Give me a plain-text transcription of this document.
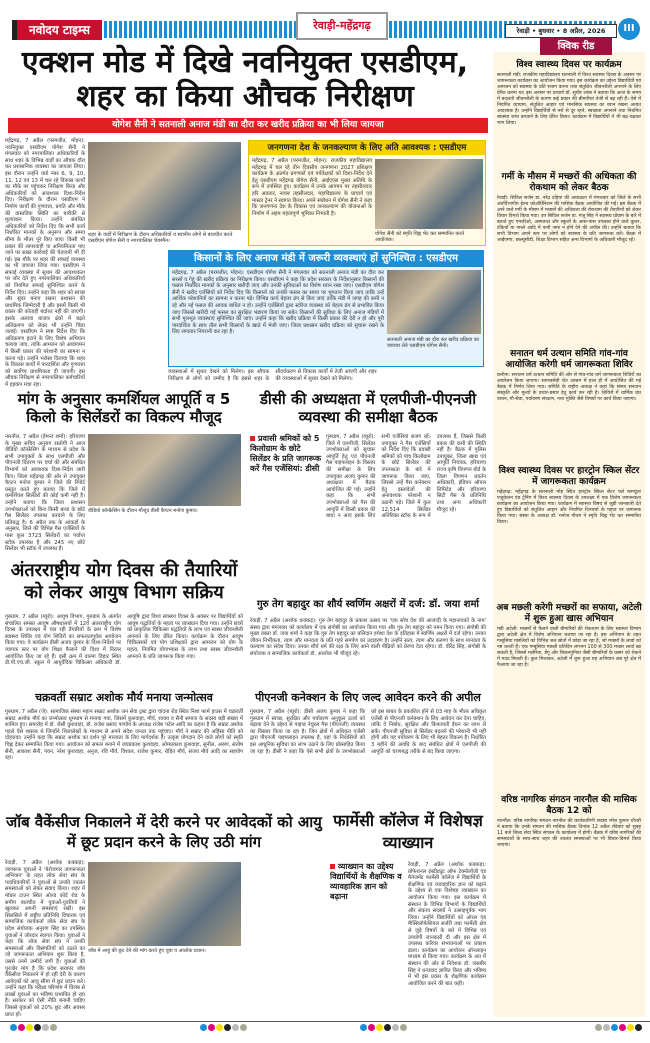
नवोदय टाइम्स	रेवाड़ी-महेंद्रगढ़	रेवाड़ी • बुधवार • 8 अप्रैल, 2026	III
एक्शन मोड में दिखे नवनियुक्त एसडीएम, शहर का किया औचक निरीक्षण
योगेश सैनी ने सतनाली अनाज मंडी का दौरा कर खरीद प्रक्रिया का भी लिया जायजा
महेंद्रगढ़, 7 अप्रैल (परमजीत, मोहन): नवनियुक्त एसडीएम योगेश सैनी ने मंगलवार को नगरपालिका अधिकारियों के साथ शहर के विभिन्न वार्डों का औचक दौरा कर प्रशासनिक व्यवस्था का जायजा लिया। इस दौरान उन्होंने वार्ड नंबर 6, 9, 10, 11, 12 एवं 13 में चल रहे विकास कार्यों का मौके पर पहुंचकर निरीक्षण किया और अधिकारियों को आवश्यक दिशा-निर्देश दिए। निरीक्षण के दौरान एसडीएम ने निर्माण कार्यों की गुणवत्ता, प्रगति और मौके की वास्तविक स्थिति का बारीकी से मूल्यांकन किया। उन्होंने संबंधित अधिकारियों को निर्देश दिए कि सभी कार्य निर्धारित मानकों के अनुरूप और समय सीमा के भीतर पूरे किए जाएं। किसी भी प्रकार की लापरवाही या अनियमितता पाए जाने पर सख्त कार्रवाई की चेतावनी भी दी गई। इस मौके पर शहर की सफाई व्यवस्था का भी जायजा लिया गया। एसडीएम ने सफाई व्यवस्था में सुधार की आवश्यकता पर जोर देते हुए नगरपालिका अधिकारियों को नियमित सफाई सुनिश्चित करने के निर्देश दिए। उन्होंने कहा कि शहर को स्वच्छ और सुंदर बनाए रखना प्रशासन की प्राथमिक जिम्मेदारी है और इसमें किसी भी प्रकार की कोताही बर्दाश्त नहीं की जाएगी। इसके अलावा बाजार क्षेत्रों में बढ़ते अतिक्रमण को लेकर भी उन्होंने चिंता जताई। एसडीएम ने स्पष्ट निर्देश दिए कि अतिक्रमण हटाने के लिए विशेष अभियान चलाया जाए, ताकि आमजन को आवागमन में किसी प्रकार की परेशानी का सामना न करना पड़े। उन्होंने भरोसा दिलाया कि शहर के विकास कार्यों में पारदर्शिता और गुणवत्ता को सर्वोच्च प्राथमिकता दी जाएगी। इस औचक निरीक्षण से नगरपालिका कर्मचारियों में हड़कंप मचा रहा।
शहर के वार्डों में निरीक्षण के दौरान अधिकारियों व स्थानीय लोगों से बातचीत करते एसडीएम योगेश सैनी व नगरपालिका चेयरमैन।
जनगणना देश के जनकल्याण के लिए अति आवश्यक : एसडीएम
महेंद्रगढ़, 7 अप्रैल (परमजीत, मोहन): राजकीय महाविद्यालय महेंद्रगढ़ में चल रहे तीन दिवसीय जनगणना 2027 प्रशिक्षण कार्यक्रम के अंतर्गत प्रगणकों एवं पर्यवेक्षकों को दिशा-निर्देश देने हेतु एसडीएम महेंद्रगढ़ योगेश सैनी, आईएएस मुख्य अतिथि के रूप में उपस्थित हुए। कार्यक्रम में उनके आगमन पर तहसीलदार हरि अवतार, नायब तहसीलदार, महाविद्यालय के प्राचार्य एवं मास्टर ट्रेनर ने स्वागत किया। अपने संबोधन में योगेश सैनी ने कहा कि जनगणना देश के विकास एवं जनकल्याण की योजनाओं के निर्माण में अहम महत्वपूर्ण भूमिका निभाती है।
योगेश सैनी को स्मृति चिह्न भेंट कर सम्मानित करते आयोजक।
किसानों के लिए अनाज मंडी में जरूरी व्यवस्थाएं हों सुनिश्चित : एसडीएम
महेंद्रगढ़, 7 अप्रैल (परमजीत, मोहन): एसडीएम योगेश सैनी ने मंगलवार को सतनाली अनाज मंडी का दौरा कर सरसों व गेहूं की खरीद प्रक्रिया का निरीक्षण किया। एसडीएम ने कहा कि प्रदेश सरकार के निर्देशानुसार किसानों की फसल निर्धारित मानकों के अनुसार खरीदी जाए और उनकी सुविधाओं का विशेष ध्यान रखा जाए। एसडीएम योगेश सैनी ने खरीद एजेंसियों को निर्देश दिए कि किसानों को उनकी फसल का समय पर भुगतान किया जाए ताकि उन्हें आर्थिक परेशानियों का सामना न करना पड़े। विभिन्न कार्य बेहतर ढंग से किए जाएं ताकि मंडी में जगह की कमी न रहे और नई फसल की आवक बाधित न हो। उन्होंने एजेंसियों द्वारा स्टोरेज व्यवस्था को बेहतर ढंग से प्रभावित किया जाए जिससे खरीदी गई फसल का सुरक्षित भंडारण किया जा सके। किसानों की सुविधा के लिए अनाज मंडियों में सभी मूलभूत व्यवस्थाएं सुनिश्चित की जाएं। उन्होंने कहा कि खरीद प्रक्रिया में किसी प्रकार की देरी न हो और पूरी पारदर्शिता के साथ तौल सभी किसानों के खाते में भेजी जाए। जिला प्रशासन खरीद प्रक्रिया को सुचारू रखने के लिए लगातार निगरानी कर रहा है।
सतनाली अनाज मंडी का दौरा कर खरीद प्रक्रिया का जायजा लेते एसडीएम योगेश सैनी।
व्यवस्थाओं में सुधार देखने को मिलेगा। इस औचक निरीक्षण से लोगों को उम्मीद है कि इससे शहर के सौंदर्यकरण से विकास कार्यों में तेजी आएगी और शहर की व्यवस्थाओं में सुधार देखने को मिलेगा।
मांग के अनुसार कमर्शियल आपूर्ति व 5 किलो के सिलेंडरों का विकल्प मौजूद
नारनौल, 7 अप्रैल (हेमन्त शर्मा): हरियाणा के मुख्य सचिव अनुराग रस्तोगी ने आज वीडियो कॉन्फ्रेंसिंग के माध्यम से प्रदेश के सभी उपायुक्तों के साथ एलपीजी और पीएनजी वितरण पर चर्चा की और संबंधित विभागों को आवश्यक दिशा-निर्देश जारी किए। जिला महेंद्रगढ़ की ओर से उपायुक्त कैप्टन मनोज कुमार ने जिले की रिपोर्ट प्रस्तुत करते हुए बताया कि जिले में कमर्शियल सिलेंडरों की कोई कमी नहीं है। उन्होंने बताया कि जिला प्रशासन उपभोक्ताओं को बिना किसी बाधा के छोटे गैस सिलेंडर उपलब्ध करवाने के लिए प्रतिबद्ध है। 6 अप्रैल तक के आंकड़ों के अनुसार, जिले की विभिन्न गैस एजेंसियों के पास कुल 3723 सिलेंडरों का पर्याप्त स्टॉक उपलब्ध है और 245 नए छोटे सिलेंडर भी स्टॉक में उपलब्ध हैं।
वीडियो कॉन्फ्रेंसिंग के दौरान मौजूद डीसी कैप्टन मनोज कुमार।
डीसी की अध्यक्षता में एलपीजी-पीएनजी व्यवस्था की समीक्षा बैठक
प्रवासी श्रमिकों को 5 किलोग्राम के छोटे सिलेंडर के प्रति जागरूक करें गैस एजेंसियां: डीसी
गुरुग्राम, 7 अप्रैल (ब्यूरो): जिले में एलपीजी, सिलेंडर उपभोक्ताओं को सुचारू आपूर्ति हेतु एवं पीएनजी गैस पाइपलाइन के विस्तार की समीक्षा के लिए उपायुक्त अजय कुमार की अध्यक्षता में बैठक आयोजित की गई। उन्होंने कहा कि सभी उपभोक्ताओं को गैस की आपूर्ति में किसी प्रकार की बाधा न आए इसके लिए सभी एजेंसियां सजग रहें। उपायुक्त ने गैस एजेंसियों को निर्देश दिए कि प्रवासी श्रमिकों को पांच किलोग्राम के छोटे सिलेंडर की उपलब्धता के बारे में जागरूक किया जाए, जिससे उन्हें गैस कनेक्शन हेतु दस्तावेजों की अनावश्यक परेशानी न उठानी पड़े। जिले में कुल 12,514 सिलेंडर अतिरिक्त स्टॉक के रूप में उपलब्ध हैं, जिससे किसी प्रकार की कमी की स्थिति नहीं है। बैठक में पुलिस उपायुक्त, जिला खाद्य एवं आपूर्ति नियंत्रक, हरियाणा राज्य कृषि विपणन बोर्ड के जिला विपणन प्रवर्तन अधिकारी, इंडियन ऑयल लिमिटेड और हरियाणा सिटी गैस के प्रतिनिधि तथा अन्य अधिकारी मौजूद रहे।
अंतरराष्ट्रीय योग दिवस की तैयारियों को लेकर आयुष विभाग सक्रिय
गुरुग्राम, 7 अप्रैल (ब्यूरो): आयुष विभाग, गुरुग्राम के अंतर्गत संचालित समस्त आयुष औषधालयों में 12वें अंतरराष्ट्रीय योग दिवस के उपलक्ष्य में चल रही तैयारियों के क्रम में विशेष स्वास्थ्य शिविर एवं योग शिविरों का सफलतापूर्वक आयोजन किया गया। ये कार्यक्रम डीसी अजय कुमार के दिशा-निर्देशों पर व्यापक स्तर पर योग शिक्षा फैलाने की दिशा में निरंतर आयोजित किए जा रहे हैं। इसी क्रम में वाल्मा विहार स्थित डी.पी.एच.जी. स्कूल में आयुर्वेदिक चिकित्सा अधिकारी डॉ. आयुषि द्वारा विश्व स्वास्थ्य दिवस के अवसर पर विद्यार्थियों को आयुष पद्धतियों के महत्व पर व्याख्यान दिया गया। उन्होंने छात्रों को प्राकृतिक चिकित्सा पद्धतियों के लाभ एवं स्वस्थ जीवनशैली अपनाने के लिए प्रेरित किया। कार्यक्रम के दौरान आयुष चिकित्सकों एवं योग प्रशिक्षकों द्वारा आमजन को योग के महत्व, नियमित योगाभ्यास के लाभ तथा स्वस्थ जीवनशैली अपनाने के प्रति जागरूक किया गया।
गुरु तेग बहादुर का शौर्य स्वर्णिम अक्षरों में दर्ज: डॉ. जया शर्मा
रेवाड़ी, 7 अप्रैल (अशोक कक्कड़): गुरु तेग बहादुर के प्रकाश उत्सव पर 'एक सोच देश की आजादी के महानायकों के नाम' संस्था द्वारा मंगलवार को कार्यालय में एक संगोष्ठी का आयोजन किया गया और गुरु तेग बहादुर को नमन किया गया। संगोष्ठी की मुख्य वक्ता डॉ. जया शर्मा ने कहा कि गुरु तेग बहादुर का बलिदान हमेशा देश के इतिहास में स्वर्णिम अक्षरों में दर्ज रहेगा। उनका जीवन निर्भीकता, त्याग और मानवता के प्रति गहरे समर्पण का उदाहरण है। उन्होंने सत्य, त्याग और करुणा के साथ मानवता के कल्याण का संदेश दिया। उनका शौर्य धर्म की रक्षा के लिए आने वाली पीढ़ियों को प्रेरणा देता रहेगा। डॉ. वीरेंद्र सिंह, संगोष्ठी के संयोजक व सामाजिक कार्यकर्ता डॉ. आलोक भी मौजूद रहे।
चक्रवर्ती सम्राट अशोक मौर्य मनाया जन्मोत्सव
गुरुग्राम, 7 अप्रैल (जे): सामाजिक संस्था महान सम्राट अशोक जन सेवा ट्रस्ट द्वारा चांदना रोड स्थित निशा फार्म हाउस में चक्रवर्ती सम्राट अशोक मौर्य का जन्मोत्सव धूमधाम से मनाया गया, जिसमें कुशवाहा, मौर्य, शाक्य व सैनी समाज के सदस्य बड़ी संख्या में शामिल हुए। समारोह में डॉ. जेसी कुशवाहा, डॉ. राजेश प्रसाद पाण्डेय के अध्यक्ष राजेश पटेल आदि का कहना है कि सम्राट अशोक पहले ऐसे शासक थे जिन्होंने शिलालेखों के माध्यम से अपने संदेश जनता तक पहुंचाए। मौर्य ने सम्राट की अहिंसा नीति को दोहराया। उन्होंने कहा कि सम्राट अशोक का दर्शन पूरे मानवता के लिए मार्गदर्शक है। उत्कृष्ट योगदान देने वाले लोगों को स्मृति चिह्न देकर सम्मानित किया गया। आयोजन को सफल बनाने में जयप्रकाश कुशवाहा, ओमप्रकाश कुशवाहा, सुनील, अरुण, संतोष सैनी, आकाश सैनी, पवन, नरेश कुशवाहा, अनुज, रवि मौर्य, विशाल, राजेश कुमार, रोहित मौर्य, संजय मौर्य आदि का सहयोग रहा।
पीएनजी कनेक्शन के लिए जल्द आवेदन करने की अपील
गुरुग्राम, 7 अप्रैल (ब्यूरो): डीसी अजय कुमार ने कहा कि गुरुग्राम में स्वच्छ, सुरक्षित और पर्यावरण अनुकूल ऊर्जा को बढ़ावा देने के उद्देश्य से पाइप्ड नेचुरल गैस (पीएनजी) व्यवस्था का विस्तार किया जा रहा है। जिन क्षेत्रों में अधिकृत एजेंसी द्वारा पीएनजी पाइपलाइन उपलब्ध है, वहां के निवासियों को इस आधुनिक सुविधा का लाभ उठाने के लिए प्रोत्साहित किया जा रहा है। डीसी ने कहा कि ऐसे सभी क्षेत्रों के उपभोक्ताओं को इस बाबत के प्रकाशित होने से 03 माह के भीतर अधिकृत एजेंसी से पीएनजी कनेक्शन के लिए आवेदन कर देना चाहिए, ताकि वे निर्बाध, सुरक्षित और किफायती ईंधन का लाभ ले सकें। पीएनजी सुविधा से सिलेंडर बदलने की परेशानी भी नहीं होगी और यह पर्यावरण के लिए भी बेहतर विकल्प है। निर्धारित 3 महीने की अवधि के बाद संबंधित क्षेत्रों में एलपीजी की आपूर्ति को चरणबद्ध तरीके से बंद किया जाएगा।
जॉब वैकेंसीज निकालने में देरी करने पर आवेदकों को आयु में छूट प्रदान करने के लिए उठी मांग
रेवाड़ी, 7 अप्रैल (अशोक कक्कड़): जागरूक युवाओं ने 'बेरोजगार जागरूकता अभियान' के तहत लोक सेवा संघ के पदाधिकारियों ने युवाओं से उनकी ज्वलंत समस्याओं को लेकर संवाद किया। शहर में मॉडल टाउन स्थित ओल्ड कोर्ट रोड के समीप बातचीत में युवाओं-युवतियों ने खुलकर अपनी समस्याएं रखीं। इस सिलसिले में राष्ट्रीय प्रतिनिधि विचारक एवं सामाजिक कार्यकर्ता लोक सेवा संघ के प्रदेश संयोजक अनुराग सिंह का उपस्थित युवाओं ने जोरदार स्वागत किया। युवाओं ने कहा कि लोक सेवा संघ ने उनकी समस्याओं और विसंगतियों को उठाने का जो जागरूकता अभियान शुरू किया है, उससे उनमें उम्मीदें जगी हैं। युवाओं की पुरजोर मांग है कि प्रदेश सरकार जॉब वैकेंसीज निकालने में हो रही देरी के कारण आवेदकों को आयु सीमा में छूट प्रदान करे। उन्होंने कहा कि परीक्षा परिणाम में विलंब से लाखों युवाओं का भविष्य प्रभावित हो रहा है। सरकार को ऐसी नीति बनानी चाहिए जिससे युवाओं को 20% छूट और अवसर प्राप्त हों।
जॉब में आयु की छूट देने की मांग करते हुए युवा व आलोक प्रधान।
फार्मेसी कॉलेज में विशेषज्ञ व्याख्यान
व्याख्यान का उद्देश्य विद्यार्थियों के शैक्षणिक व व्यावहारिक ज्ञान को बढ़ाना
रेवाड़ी, 7 अप्रैल (अशोक कक्कड़): प्रोफेशनल इंस्टीट्यूट ऑफ टेक्नोलॉजी एंड मैनेजमेंट फार्मेसी कॉलेज में विद्यार्थियों के शैक्षणिक एवं व्यावहारिक ज्ञान को बढ़ाने के उद्देश्य से एक विशेषज्ञ व्याख्यान का आयोजन किया गया। इस कार्यक्रम में संस्थान के विभिन्न विभागों के विद्यार्थियों और संकाय सदस्यों ने उत्साहपूर्वक भाग लिया। उन्होंने विद्यार्थियों को ओरल एंड मैक्सिलोफेशियल सर्जरी तथा फार्मेसी क्षेत्र से जुड़े विषयों के बारे में विभिन्न एवं उपयोगी जानकारी दी और इस क्षेत्र में उपलब्ध करियर संभावनाओं पर प्रकाश डाला। कार्यक्रम का आयोजन ऑनलाइन माध्यम से किया गया। कार्यक्रम के अंत में संस्थान की ओर से निदेशक डॉ. जसबीर सिंह ने धन्यवाद ज्ञापित किया और भविष्य में भी इस प्रकार के शैक्षणिक कार्यक्रम आयोजित करने की बात कही।
विश्व स्वास्थ्य दिवस पर कार्यक्रम
सतनाली मंडी: राजकीय महाविद्यालय सतनाली में विश्व स्वास्थ्य दिवस के अवसर पर जागरूकता कार्यक्रम का आयोजन किया गया। इस कार्यक्रम का उद्देश्य विद्यार्थियों एवं आमजन को स्वास्थ्य के प्रति सजग करना तथा संतुलित जीवनशैली अपनाने के लिए प्रेरित करना था। इस अवसर पर प्राचार्य डॉ. सुधीर लांबा ने बताया कि आज के समय में बदलती जीवनशैली के कारण कई प्रकार की बीमारियां तेजी से बढ़ रही हैं। ऐसे में नियमित व्यायाम, संतुलित आहार एवं मानसिक स्वास्थ्य का ध्यान रखना अत्यंत आवश्यक है। उन्होंने विद्यार्थियों से नशे से दूर रहने, स्वच्छता अपनाने तथा नियमित स्वास्थ्य जांच करवाने के लिए प्रेरित किया। कार्यक्रम में विद्यार्थियों ने भी बढ़-चढ़कर भाग लिया।
गर्मी के मौसम में मच्छरों की अधिकता की रोकथाम को लेकर बैठक
रेवाड़ी: सिविल सर्जन डा. नरेंद्र दहिया की अध्यक्षता में मंगलवार को जिले के सभी अंतर्विभागीय हेल्थ कोऑर्डिनेशन की मासिक बैठक आयोजित की गई। इस बैठक में आने वाले गर्मी के मौसम में मच्छरों की अधिकता की रोकथाम की तैयारियों को लेकर विचार विमर्श किया गया। उप सिविल सर्जन डा. मंजू सिंह ने स्वास्थ्य प्रोग्राम के बारे में बताते हुए एनजीओ, अस्पताल और स्कूलों के आस-पास उपलब्ध होने वाले कूलर, टंकियों या गमले आदि में पानी जमा न होने देने की अपील की। उन्होंने बताया कि सभी विभाग अपने स्तर पर लोगों को स्वास्थ्य के प्रति जागरूक करें। बैठक में आईएमए, डब्ल्यूसीडी, शिक्षा विभाग सहित अन्य विभागों के अधिकारी मौजूद रहे।
सनातन धर्म उत्थान समिति गांव-गांव आयोजित करेगी धर्म जागरूकता शिविर
कनीना: सनातन धर्म उत्थान समिति की ओर से गांव-गांव धर्म जागरूकता शिविरों का आयोजन किया जाएगा। समाजसेवी चेत आश्रम में हाल ही में आयोजित की गई बैठक में निर्णय लिया गया। समिति के राष्ट्रीय अध्यक्ष ने कहा कि संस्था सनातन संस्कृति और मूल्यों के प्रचार-प्रसार हेतु कार्य कर रही है। शिविरों में धार्मिक ग्रंथ वाचन, गौ-सेवा, पर्यावरण संरक्षण, नशा मुक्ति जैसे विषयों पर कार्य किया जाएगा।
विश्व स्वास्थ्य दिवस पर हारट्रोन स्किल सेंटर में जागरूकता कार्यक्रम
महेंद्रगढ़: महेंद्रगढ़ के सतनाली मोड़ स्थित हारट्रोन स्किल सेंटर पर्ल कम्प्यूटर एजुकेशन एंड ट्रेनिंग में विश्व स्वास्थ्य दिवस के उपलक्ष्य में एक विशेष जागरूकता कार्यक्रम का आयोजन किया गया। कार्यक्रम में स्वास्थ्य विषय से जुड़ी जानकारी देते हुए विद्यार्थियों को संतुलित आहार और नियमित दिनचर्या के महत्व पर जागरूक किया गया। संस्था के अध्यक्ष डॉ. मनोज गौतम ने स्मृति चिह्न भेंट कर सम्मानित किया।
अब मछली करेगी मच्छरों का सफाया, अटेली में शुरू हुआ खास अभियान
मंडी अटेली: मच्छरों से फैलने वाली बीमारियों की रोकथाम के लिए स्वास्थ्य विभाग द्वारा अटेली क्षेत्र में विशेष अभियान चलाया जा रहा है। इस अभियान के तहत गम्बूसिया मछलियों को विभिन्न जल स्रोतों में छोड़ा जा रहा है, जो मच्छरों के लार्वा को नष्ट करती हैं। एक गम्बूसिया मछली प्रतिदिन लगभग 100 से 300 मच्छर लार्वा खा सकती है, जिससे मलेरिया, डेंगू और चिकनगुनिया जैसी बीमारियों के प्रसार को रोकने में मदद मिलती है। कुल मिलाकर, अटेली में शुरू हुआ यह अभियान अब पूरे क्षेत्र में फैलाया जा रहा है।
वरिष्ठ नागरिक संगठन नारनौल की मासिक बैठक 12 को
नारनौल: वरिष्ठ नागरिक संगठन नारनौल की कार्यकारिणी सदस्य रमेश कुमार चौधरी ने बताया कि उनके संगठन की मासिक बैठक दिनांक 12 अप्रैल रविवार को सुबह 11 बजे जिला सेवा स्थित संगठन के कार्यालय में होगी। बैठक में वरिष्ठ नागरिकों की समस्याओं के साथ-साथ शहर की ज्वलंत समस्याओं पर भी विचार-विमर्श किया जाएगा।
क्विक रीड
